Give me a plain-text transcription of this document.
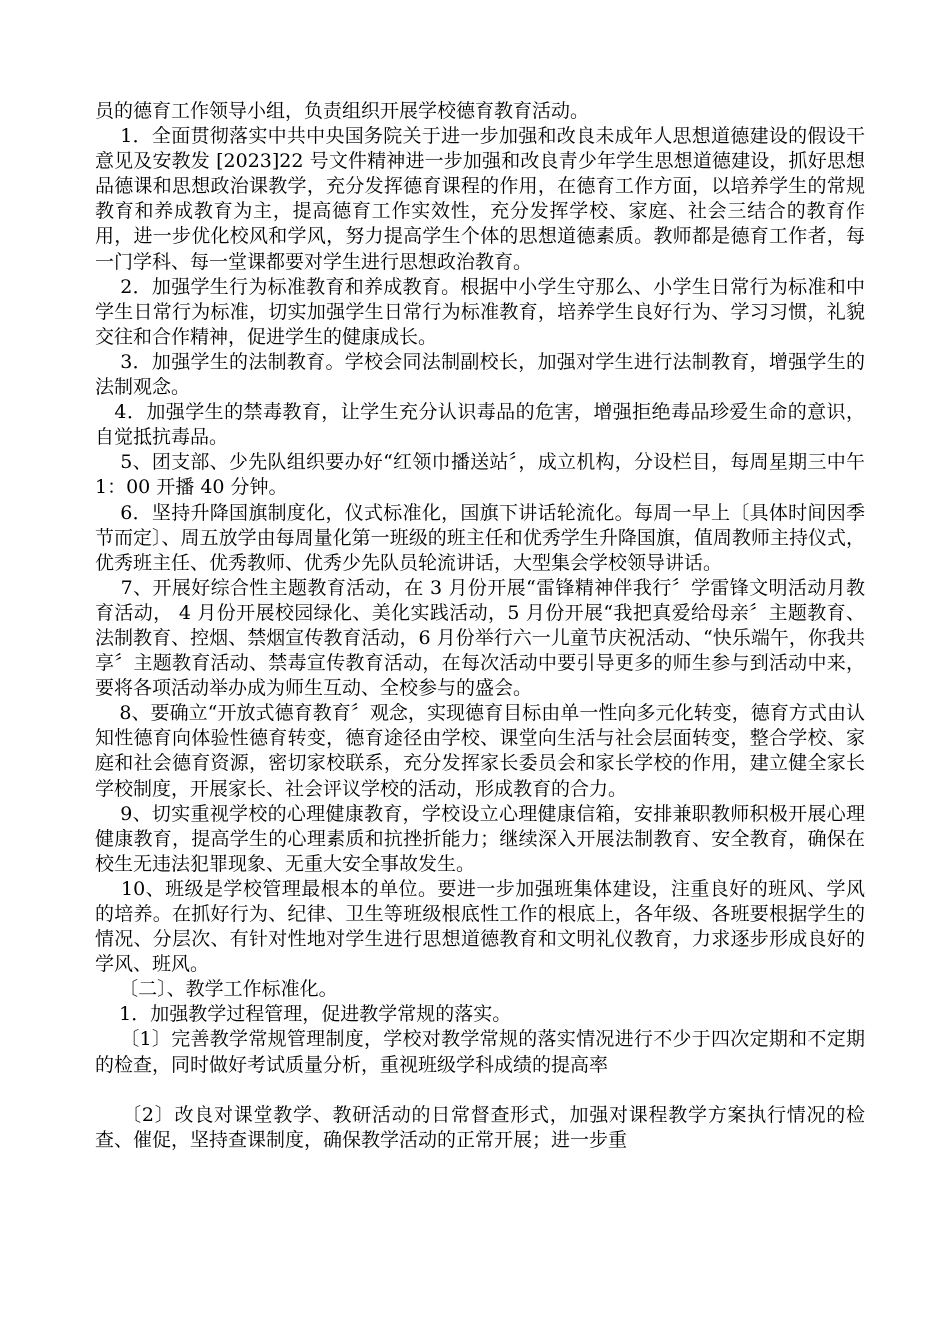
员的德育工作领导小组，负责组织开展学校德育教育活动。

1．全面贯彻落实中共中央国务院关于进一步加强和改良未成年人思想道德建设的假设干意见及安教发 [2023]22 号文件精神进一步加强和改良青少年学生思想道德建设，抓好思想品德课和思想政治课教学，充分发挥德育课程的作用，在德育工作方面，以培养学生的常规教育和养成教育为主，提高德育工作实效性，充分发挥学校、家庭、社会三结合的教育作用，进一步优化校风和学风，努力提高学生个体的思想道德素质。教师都是德育工作者，每一门学科、每一堂课都要对学生进行思想政治教育。

2．加强学生行为标准教育和养成教育。根据中小学生守那么、小学生日常行为标准和中学生日常行为标准，切实加强学生日常行为标准教育，培养学生良好行为、学习习惯，礼貌交往和合作精神，促进学生的健康成长。

3．加强学生的法制教育。学校会同法制副校长，加强对学生进行法制教育，增强学生的法制观念。

4．加强学生的禁毒教育，让学生充分认识毒品的危害，增强拒绝毒品珍爱生命的意识，自觉抵抗毒品。

5、团支部、少先队组织要办好“红领巾播送站〞，成立机构，分设栏目，每周星期三中午 1：00 开播 40 分钟。

6．坚持升降国旗制度化，仪式标准化，国旗下讲话轮流化。每周一早上〔具体时间因季节而定〕、周五放学由每周量化第一班级的班主任和优秀学生升降国旗，值周教师主持仪式，优秀班主任、优秀教师、优秀少先队员轮流讲话，大型集会学校领导讲话。

7、开展好综合性主题教育活动，在 3 月份开展“雷锋精神伴我行〞学雷锋文明活动月教育活动， 4 月份开展校园绿化、美化实践活动，5 月份开展“我把真爱给母亲〞主题教育、法制教育、控烟、禁烟宣传教育活动，6 月份举行六一儿童节庆祝活动、“快乐端午，你我共享〞主题教育活动、禁毒宣传教育活动，在每次活动中要引导更多的师生参与到活动中来，要将各项活动举办成为师生互动、全校参与的盛会。

8、要确立“开放式德育教育〞观念，实现德育目标由单一性向多元化转变，德育方式由认知性德育向体验性德育转变，德育途径由学校、课堂向生活与社会层面转变，整合学校、家庭和社会德育资源，密切家校联系，充分发挥家长委员会和家长学校的作用，建立健全家长学校制度，开展家长、社会评议学校的活动，形成教育的合力。

9、切实重视学校的心理健康教育，学校设立心理健康信箱，安排兼职教师积极开展心理健康教育，提高学生的心理素质和抗挫折能力；继续深入开展法制教育、安全教育，确保在校生无违法犯罪现象、无重大安全事故发生。

10、班级是学校管理最根本的单位。要进一步加强班集体建设，注重良好的班风、学风的培养。在抓好行为、纪律、卫生等班级根底性工作的根底上，各年级、各班要根据学生的情况、分层次、有针对性地对学生进行思想道德教育和文明礼仪教育，力求逐步形成良好的学风、班风。

〔二〕、教学工作标准化。

1．加强教学过程管理，促进教学常规的落实。

〔1〕完善教学常规管理制度，学校对教学常规的落实情况进行不少于四次定期和不定期的检查，同时做好考试质量分析，重视班级学科成绩的提高率

〔2〕改良对课堂教学、教研活动的日常督查形式，加强对课程教学方案执行情况的检查、催促，坚持查课制度，确保教学活动的正常开展；进一步重
